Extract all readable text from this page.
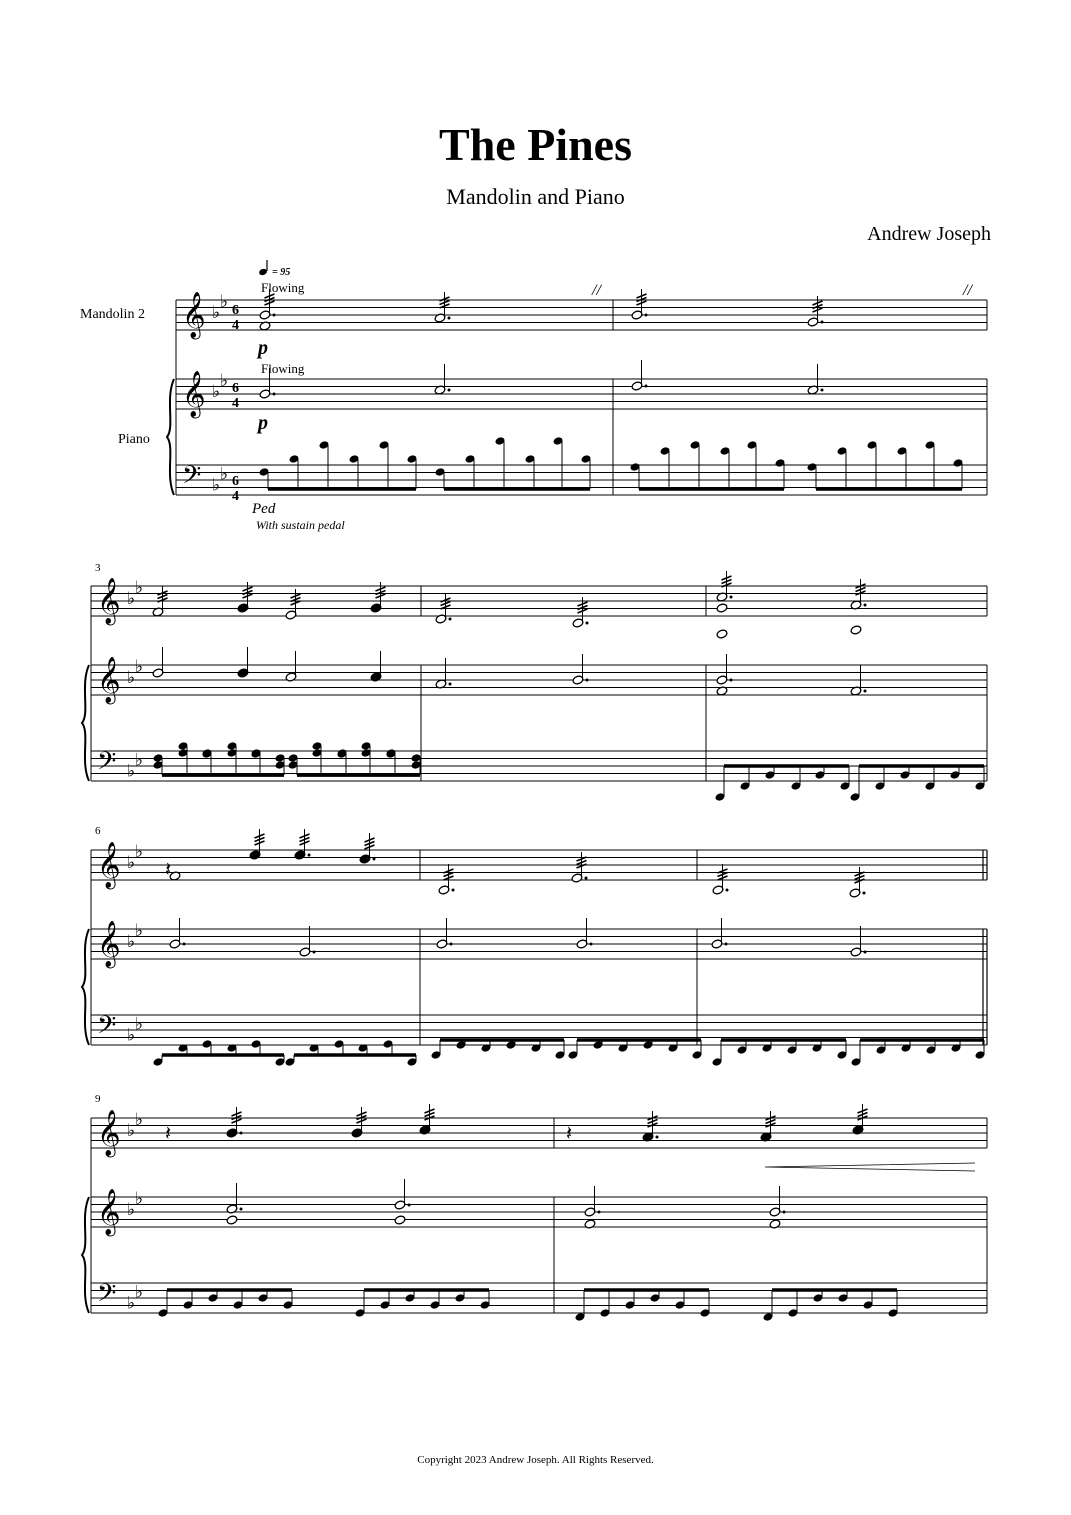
The Pines
Mandolin and Piano
Andrew Joseph
Mandolin 2
Piano
= 95
Flowing
Flowing
p
p
Ped
With sustain pedal
6
4
6
4
6
4
3
6
9
//	//
𝄞 ♭
♭
𝄞 ♭
♭
𝄢 ♭
♭
𝄞 ♭
♭
𝄞 ♭
♭
𝄢 ♭
♭
𝄞 ♭
♭
𝄞 ♭
♭
𝄢 ♭
♭
𝄞 ♭
♭
𝄞 ♭
♭
𝄢 ♭
♭
𝄽
𝄽	𝄽
Copyright 2023 Andrew Joseph. All Rights Reserved.
